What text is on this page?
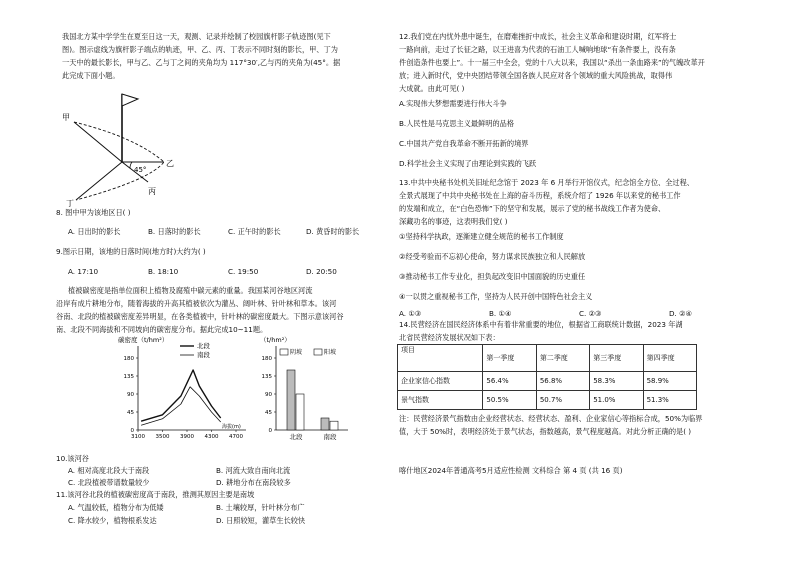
我国北方某中学学生在夏至日这一天，观测、记录并绘制了校园旗杆影子轨迹图(见下
图)。图示虚线为旗杆影子端点的轨迹，甲、乙、丙、丁表示不同时刻的影长，甲、丁为
一天中的最长影长，甲与乙、乙与丁之间的夹角均为 117°30′,乙与丙的夹角为(45°。据
此完成下面小题。
45°
甲
乙
丙
丁
8. 图中甲为该地区日( )
A. 日出时的影长	B. 日落时的影长	C. 正午时的影长	D. 黄昏时的影长
9.图示日期，该地的日落时间(地方时)大约为( )
A. 17:10	B. 18:10	C. 19:50	D. 20:50
植被碳密度是指单位面积上植物及腐殖中碳元素的重量。我国某河谷地区河流
沿岸有成片耕地分布，随着海拔的升高其植被依次为灌丛、阔叶林、针叶林和草本。该河
谷南、北段的植被碳密度差异明显，在各类植被中，针叶林的碳密度最大。下图示意该河谷
南、北段不同海拔和不同坡向的碳密度分布。据此完成10~11题。
碳密度（t/hm²）
0
45
90
135
180
3100 3500 3900 4300 4700
北段
南段
海拔(m)
（t/hm²）
0
45
90
135
180
北段	南段
阴坡	阳坡
10.该河谷
A. 相对高度北段大于南段	B. 河流大致自南向北流
C. 北段植被带谱数量较少	D. 耕地分布在南段较多
11.该河谷北段的植被碳密度高于南段，推测其原因主要是南坡
A. 气温较低，植物分布为低矮	B. 土壤较厚，针叶林分布广
C. 降水较少，植物根系发达	D. 日照较短，灌草生长较快
12.我们党在内忧外患中诞生，在磨难挫折中成长，社会主义革命和建设时期，红军将士
一路向前，走过了长征之路，以王进喜为代表的石油工人喊响地球“有条件要上，没有条
件创造条件也要上”。十一届三中全会，党的十八大以来，我国以“杀出一条血路来”的气魄改革开
放；进入新时代，党中央团结带领全国各族人民应对各个领域的重大风险挑战，取得伟
大成就。由此可见( )
A.实现伟大梦想需要进行伟大斗争
B.人民性是马克思主义最鲜明的品格
C.中国共产党自我革命不断开拓新的境界
D.科学社会主义实现了由理论到实践的飞跃
13.中共中央秘书处机关旧址纪念馆于 2023 年 6 月举行开馆仪式，纪念馆全方位、全过程、
全景式展现了中共中央秘书处在上海的奋斗历程，系统介绍了 1926 年以来党的秘书工作
的发端和成立，在“白色恐怖”下的坚守和发展，展示了党的秘书战线工作者为使命、
深藏功名的事迹，这表明我们党( )
①坚持科学执政，逐渐建立健全规范的秘书工作制度
②经受考验而不忘初心使命，努力谋求民族独立和人民解放
③推动秘书工作专业化，担负起改变旧中国面貌的历史重任
④一以贯之重视秘书工作，坚持为人民开创中国特色社会主义
A. ①③	B. ①④	C. ②③	D. ②④
14.民营经济在国民经济体系中有着非常重要的地位，根据省工商联统计数据，2023 年湖
北省民营经济发展状况如下表：
项目	第一季度	第二季度	第三季度	第四季度
企业家信心指数	56.4%	56.8%	58.3%	58.9%
景气指数	50.5%	50.7%	51.0%	51.3%
注：民营经济景气指数由企业经营状态、经营状态、盈利、企业家信心等指标合成，50%为临界
值，大于 50%时，表明经济处于景气状态，指数越高，景气程度越高。对此分析正确的是( )
喀什地区2024年普通高考5月适应性检测 文科综合 第 4 页 (共 16 页)
